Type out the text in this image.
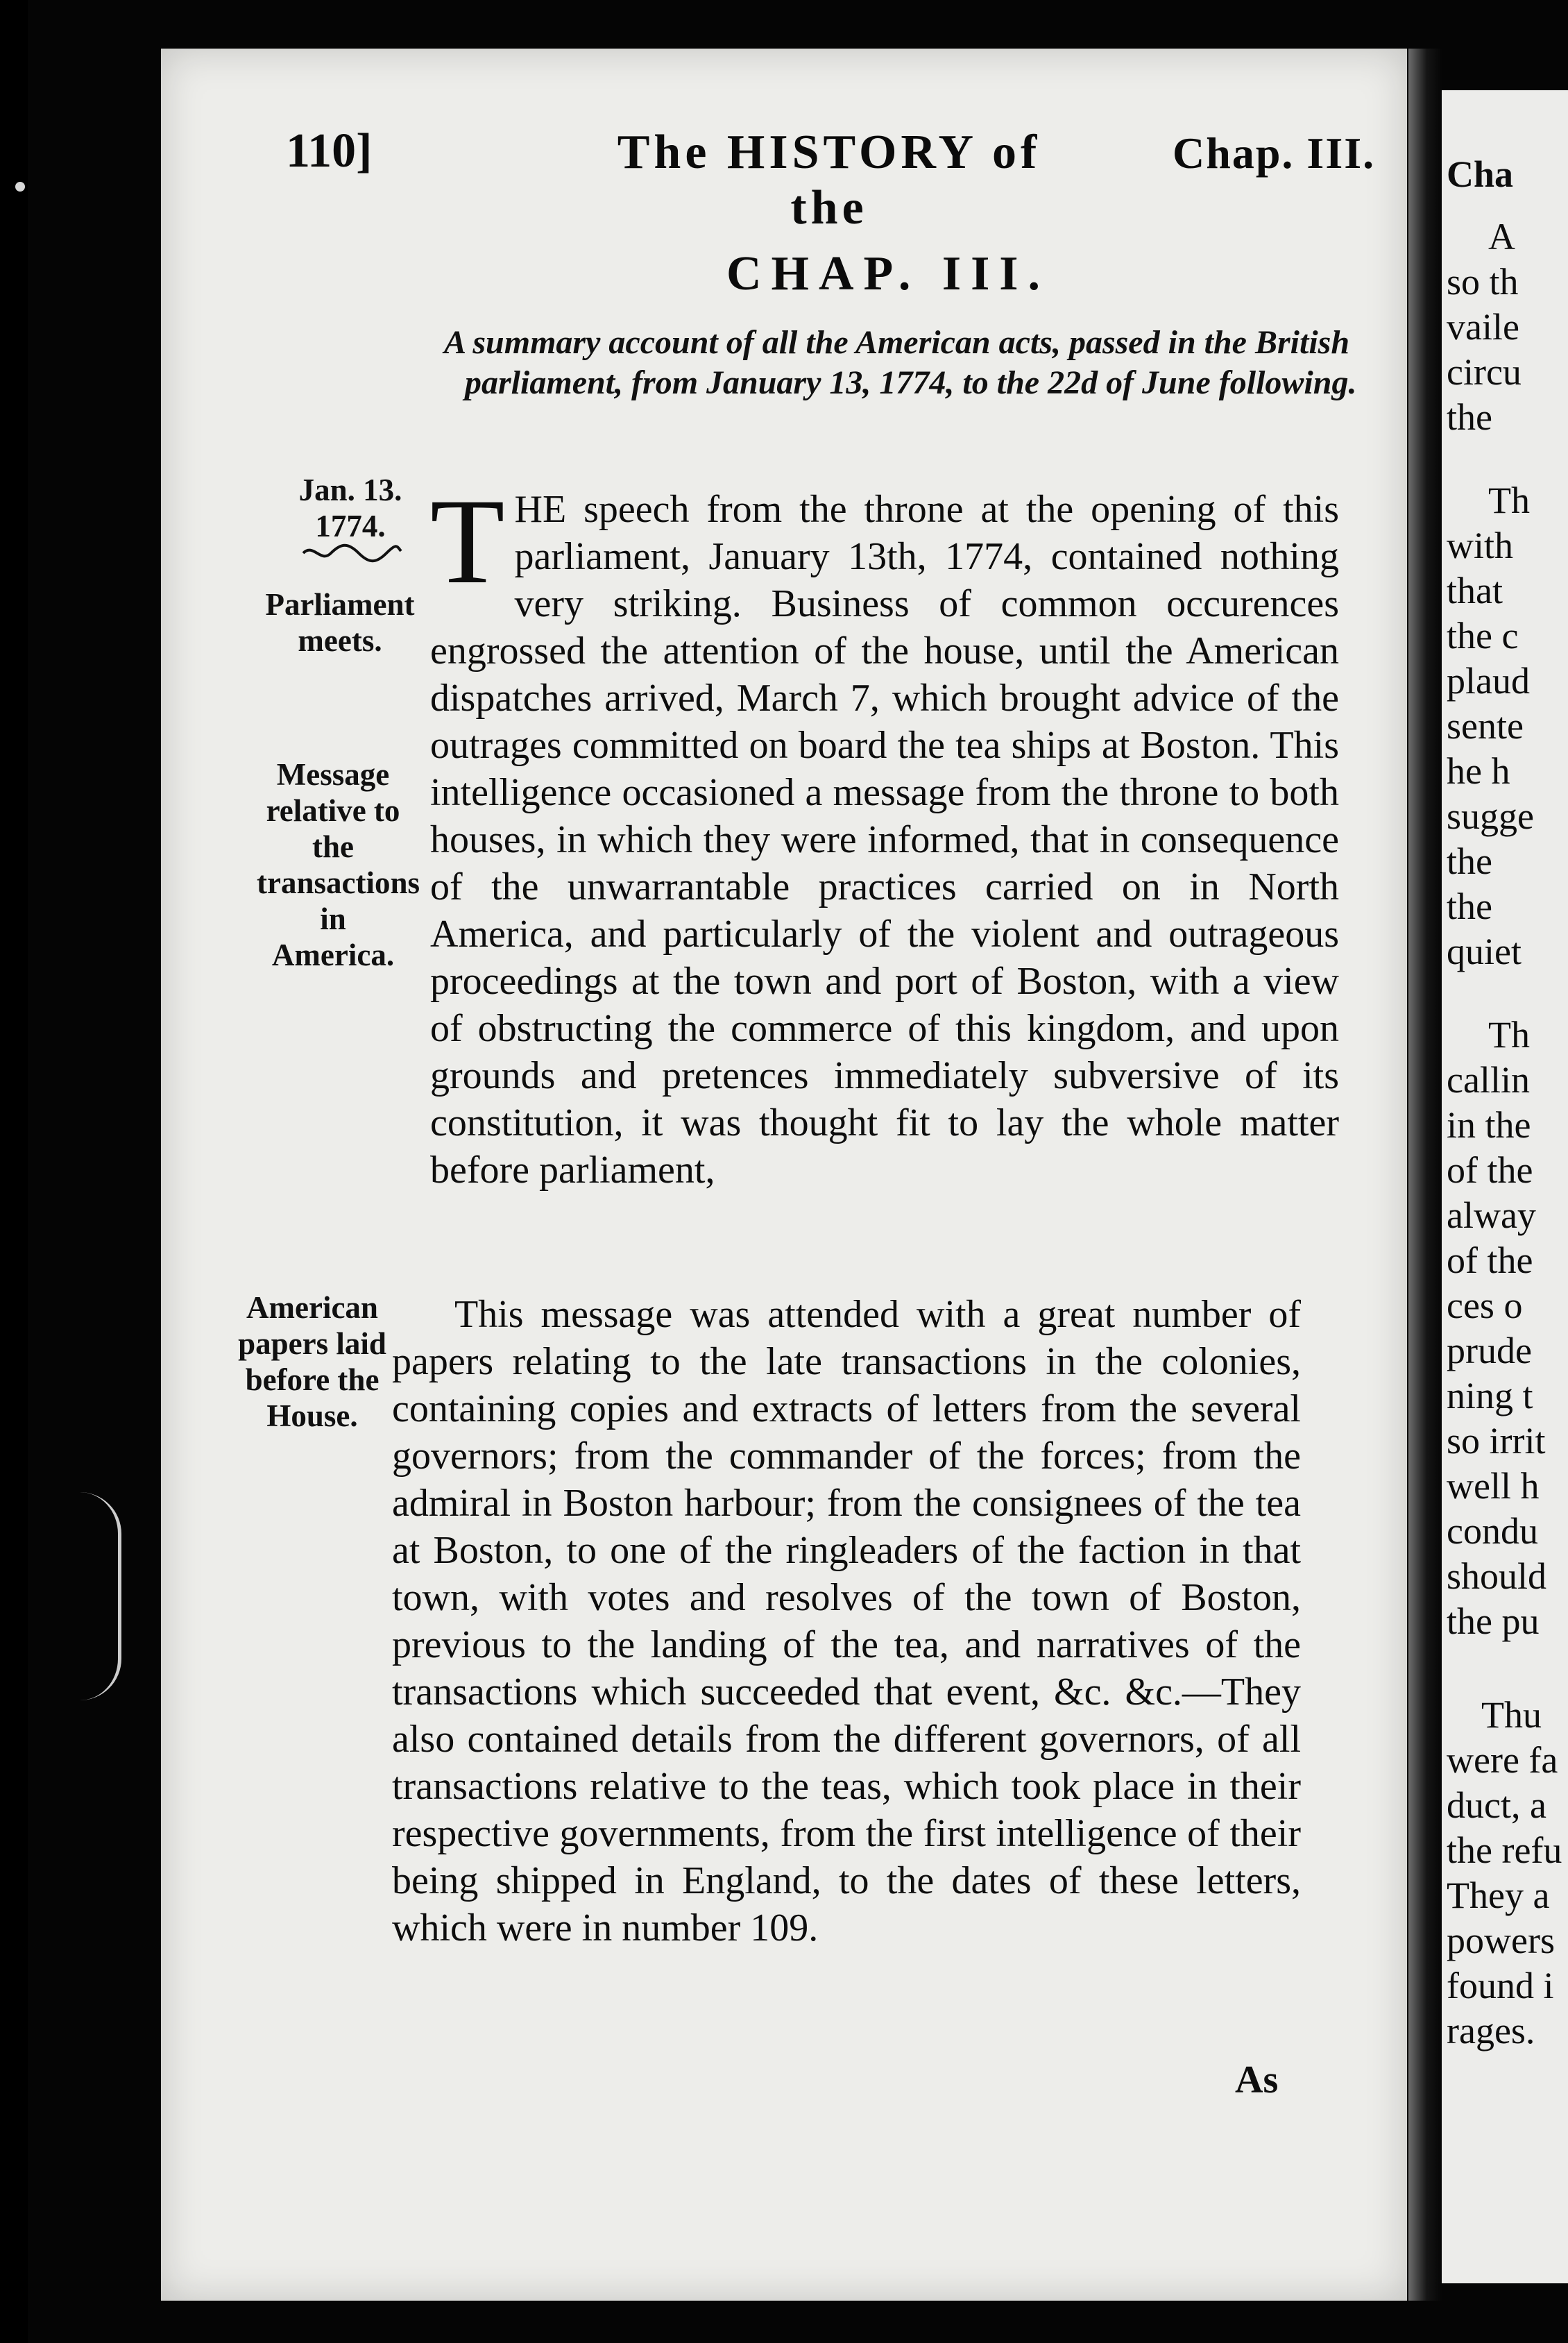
110]	The HISTORY of the
Chap. III.
CHAP. III.
A summary account of all the American acts, passed in the British parliament, from January 13, 1774, to the 22d of June following.
Jan. 13. 1774.
Parliament meets.
Message relative to the transactions in America.
American papers laid before the House.
THE speech from the throne at the opening of this parliament, January 13th, 1774, contained nothing very striking. Business of common occurences engrossed the attention of the house, until the American dispatches arrived, March 7, which brought advice of the outrages committed on board the tea ships at Boston. This intelligence occasioned a message from the throne to both houses, in which they were informed, that in consequence of the unwarrantable practices carried on in North America, and particularly of the violent and outrageous proceedings at the town and port of Boston, with a view of obstructing the commerce of this kingdom, and upon grounds and pretences immediately subversive of its constitution, it was thought fit to lay the whole matter before parliament,
This message was attended with a great number of papers relating to the late transactions in the colonies, containing copies and extracts of letters from the several governors; from the commander of the forces; from the admiral in Boston harbour; from the consignees of the tea at Boston, to one of the ringleaders of the faction in that town, with votes and resolves of the town of Boston, previous to the landing of the tea, and narratives of the transactions which succeeded that event, &c. &c.—They also contained details from the different governors, of all transactions relative to the teas, which took place in their respective governments, from the first intelligence of their being shipped in England, to the dates of these letters, which were in number 109.
As
Cha
A
so th
vaile
circu
the
Th
with
that
the c
plaud
sente
he h
sugge
the
the
quiet
Th
callin
in the
of the
alway
of the
ces o
prude
ning t
so irrit
well h
condu
should
the pu
Thu
were fa
duct, a
the refu
They a
powers
found i
rages.
